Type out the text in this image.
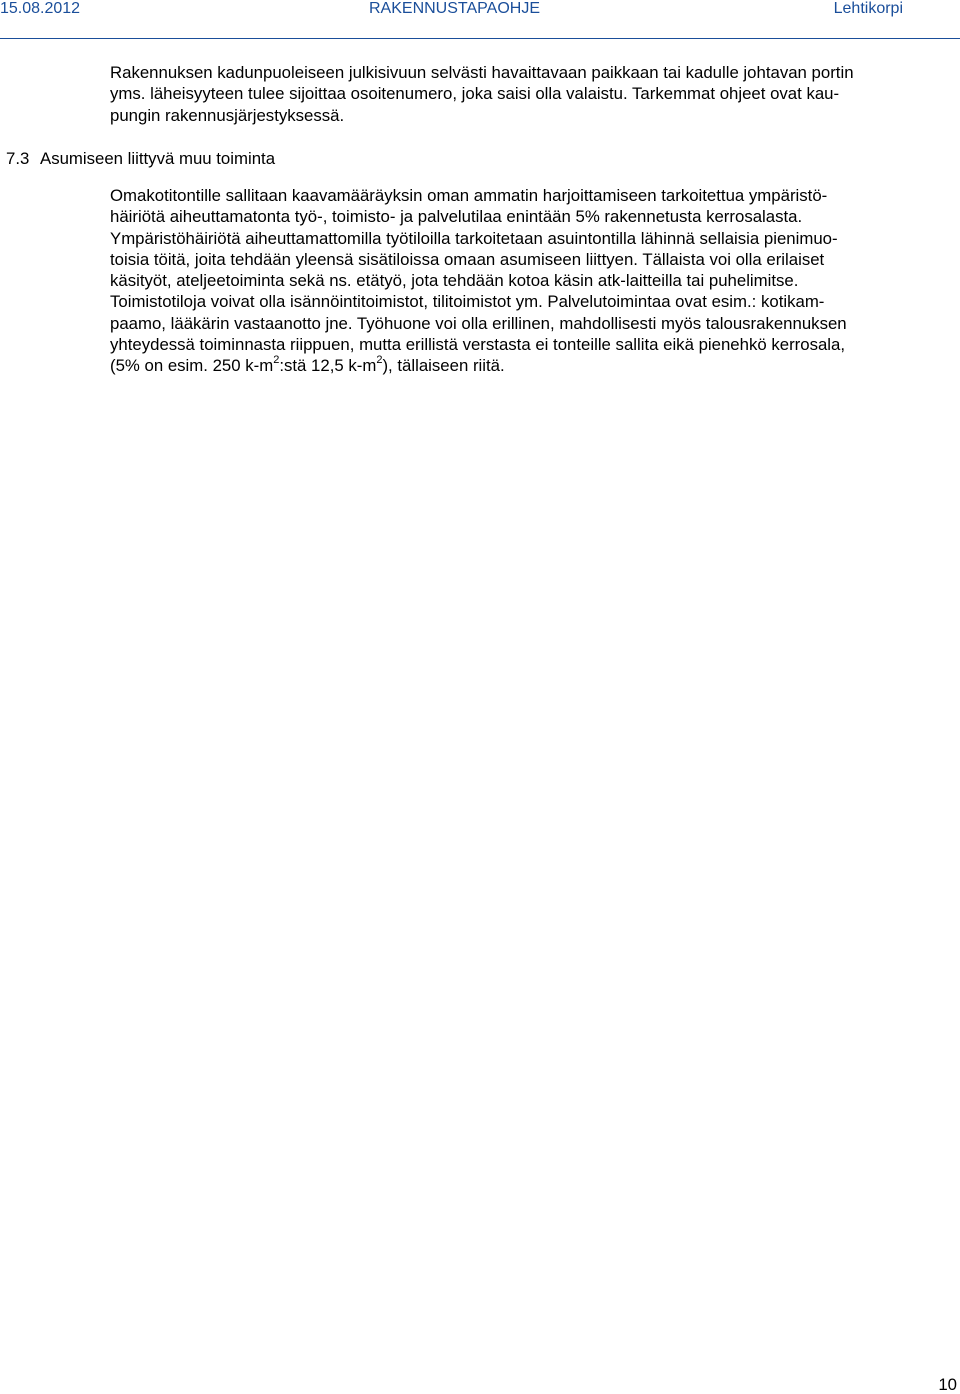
15.08.2012	RAKENNUSTAPAOHJE	Lehtikorpi
Rakennuksen kadunpuoleiseen julkisivuun selvästi havaittavaan paikkaan tai kadulle johtavan portin
yms. läheisyyteen tulee sijoittaa osoitenumero, joka saisi olla valaistu. Tarkemmat ohjeet ovat kau-
pungin rakennusjärjestyksessä.
7.3 Asumiseen liittyvä muu toiminta
Omakotitontille sallitaan kaavamääräyksin oman ammatin harjoittamiseen tarkoitettua ympäristö-
häiriötä aiheuttamatonta työ-, toimisto- ja palvelutilaa enintään 5% rakennetusta kerrosalasta.
Ympäristöhäiriötä aiheuttamattomilla työtiloilla tarkoitetaan asuintontilla lähinnä sellaisia pienimuo-
toisia töitä, joita tehdään yleensä sisätiloissa omaan asumiseen liittyen. Tällaista voi olla erilaiset
käsityöt, ateljeetoiminta sekä ns. etätyö, jota tehdään kotoa käsin atk-laitteilla tai puhelimitse.
Toimistotiloja voivat olla isännöintitoimistot, tilitoimistot ym. Palvelutoimintaa ovat esim.: kotikam-
paamo, lääkärin vastaanotto jne. Työhuone voi olla erillinen, mahdollisesti myös talousrakennuksen
yhteydessä toiminnasta riippuen, mutta erillistä verstasta ei tonteille sallita eikä pienehkö kerrosala,
(5% on esim. 250 $k-m^2:stä$ 12,5 $k-m^2$), tällaiseen riitä.
10
